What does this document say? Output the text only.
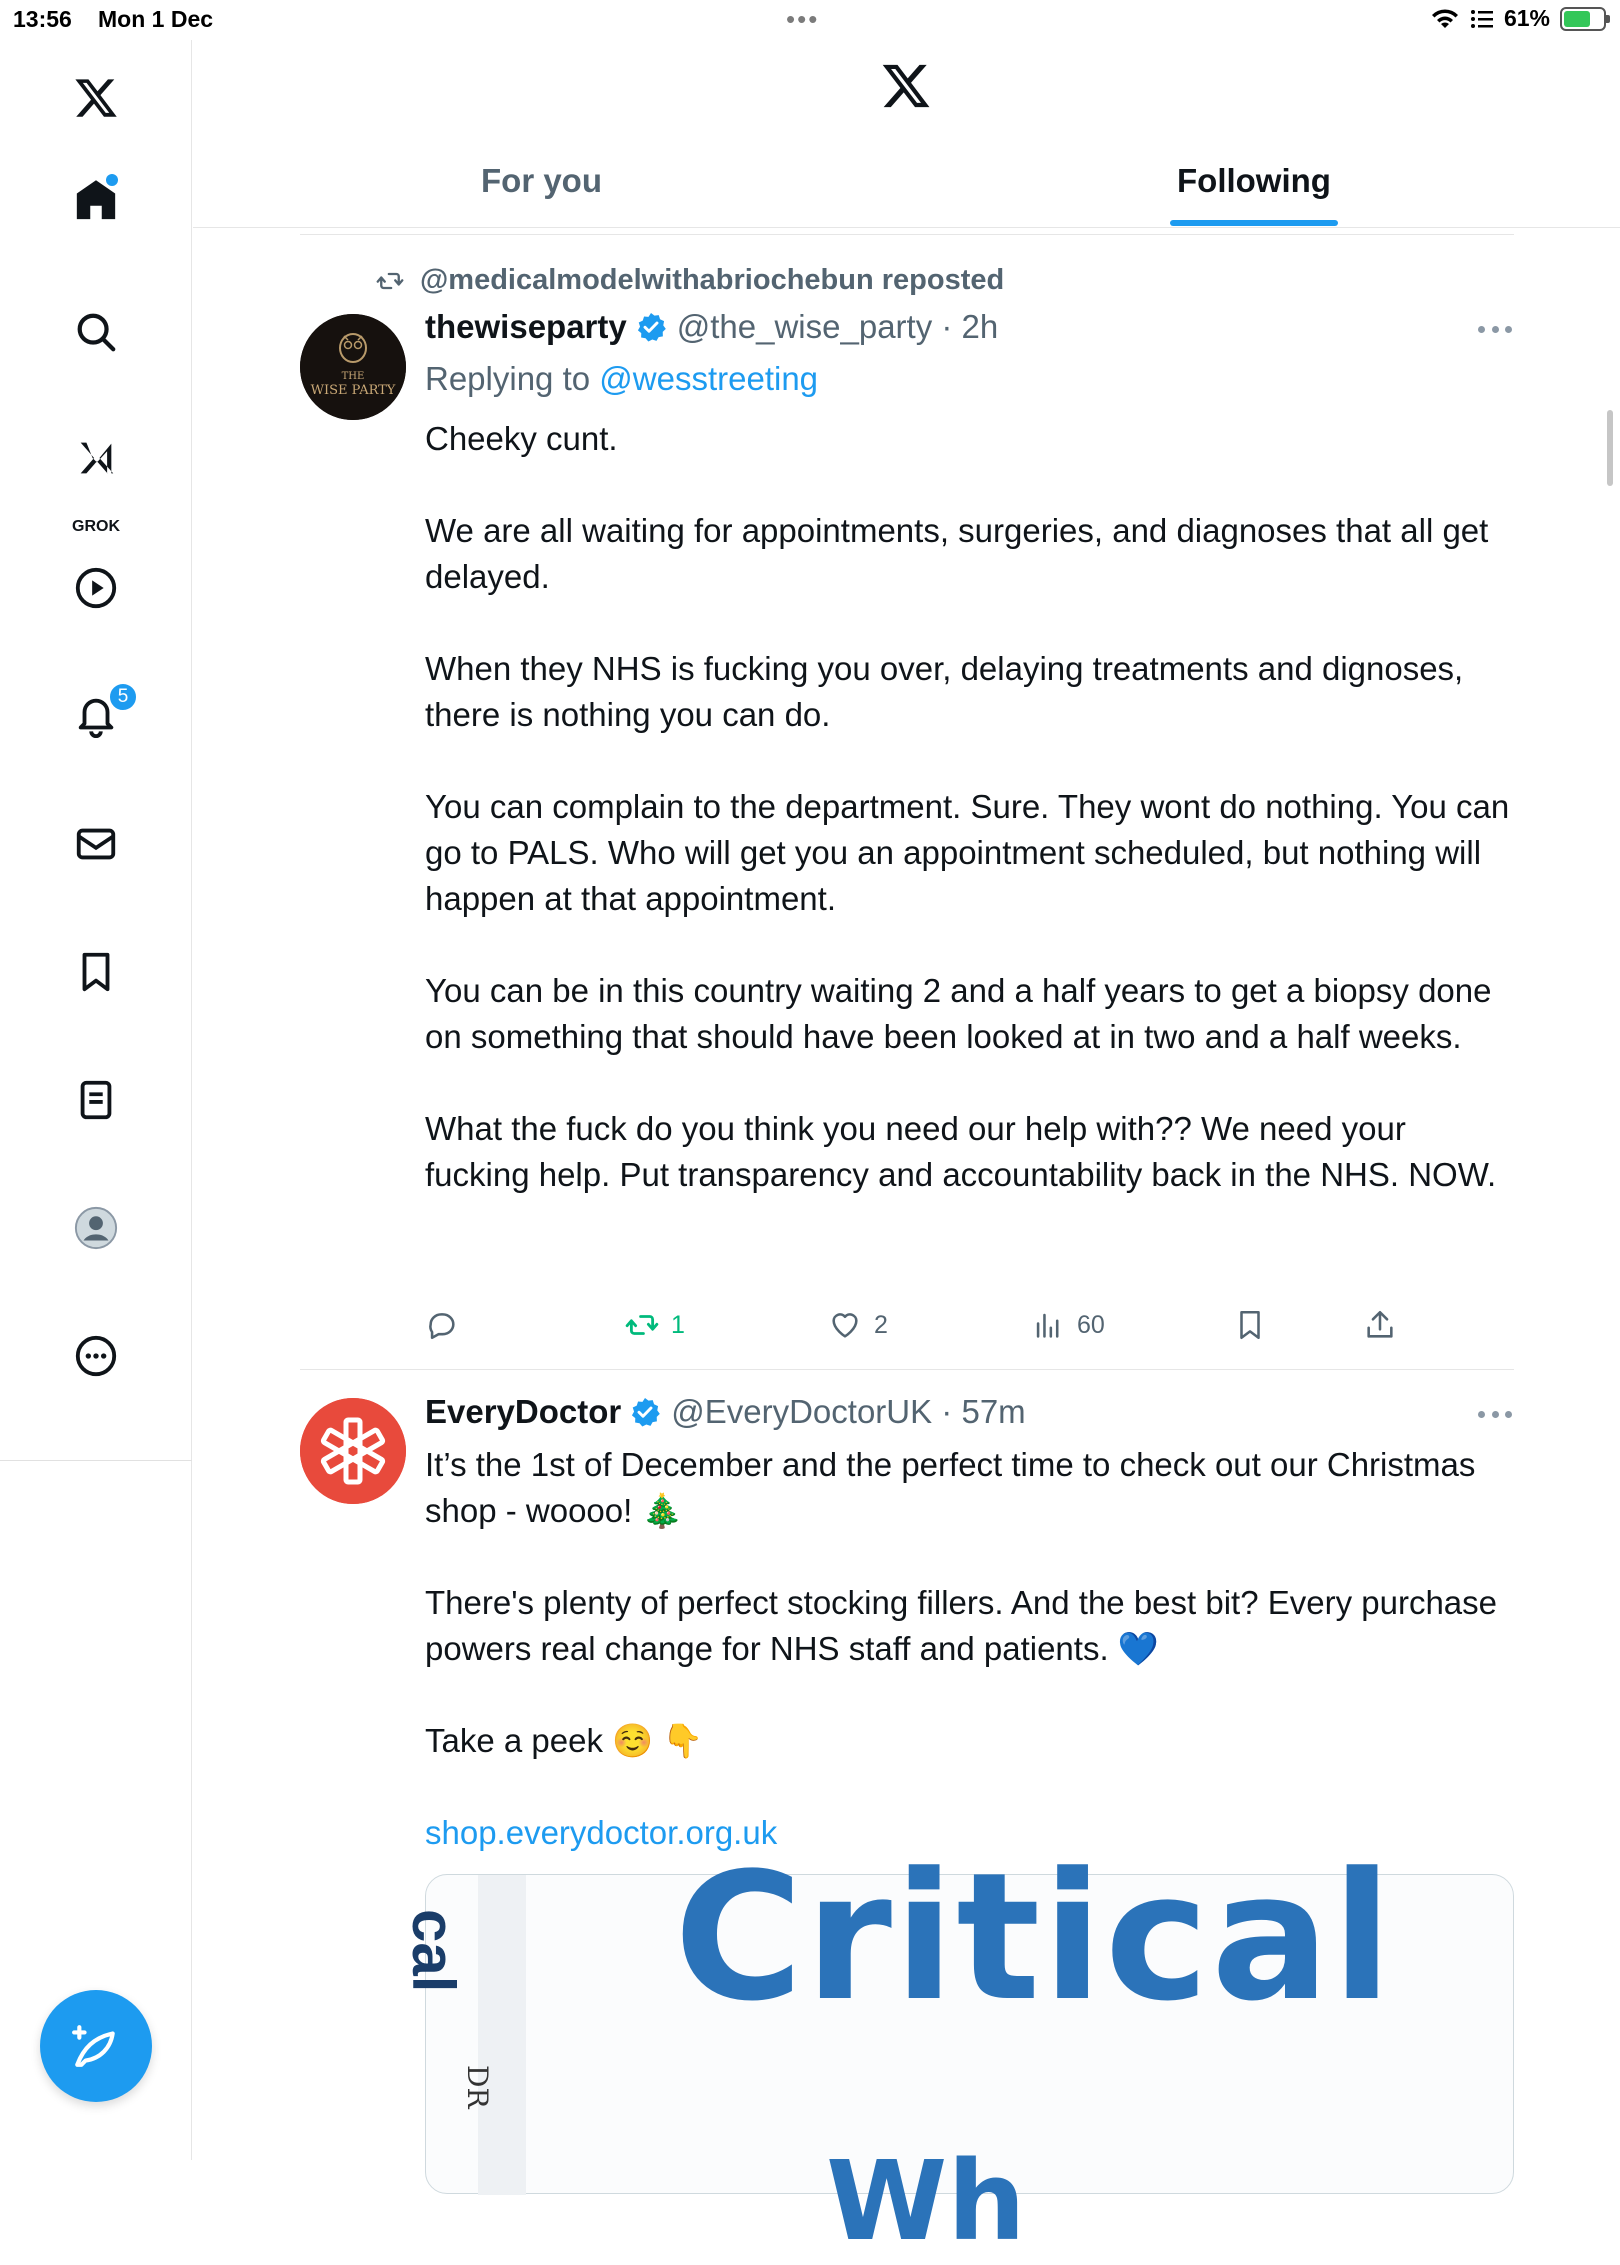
13:56 Mon 1 Dec	•••	61%
GROK
5
For you	Following
@medicalmodelwithabriochebun reposted
THE
WISE PARTY
thewiseparty @the_wise_party · 2h
Replying to @wesstreeting

Cheeky cunt.

We are all waiting for appointments, surgeries, and diagnoses that all get delayed.

When they NHS is fucking you over, delaying treatments and dignoses, there is nothing you can do.

You can complain to the department. Sure. They wont do nothing. You can go to PALS. Who will get you an appointment scheduled, but nothing will happen at that appointment.

You can be in this country waiting 2 and a half years to get a biopsy done on something that should have been looked at in two and a half weeks.

What the fuck do you think you need our help with?? We need your fucking help. Put transparency and accountability back in the NHS. NOW.

1	2	60
EveryDoctor @EveryDoctorUK · 57m

It’s the 1st of December and the perfect time to check out our Christmas shop - woooo! 🎄

There's plenty of perfect stocking fillers. And the best bit? Every purchase powers real change for NHS staff and patients. 💙

Take a peek ☺️ 👇

shop.everydoctor.org.uk

cal
DR
Critical
Wh
